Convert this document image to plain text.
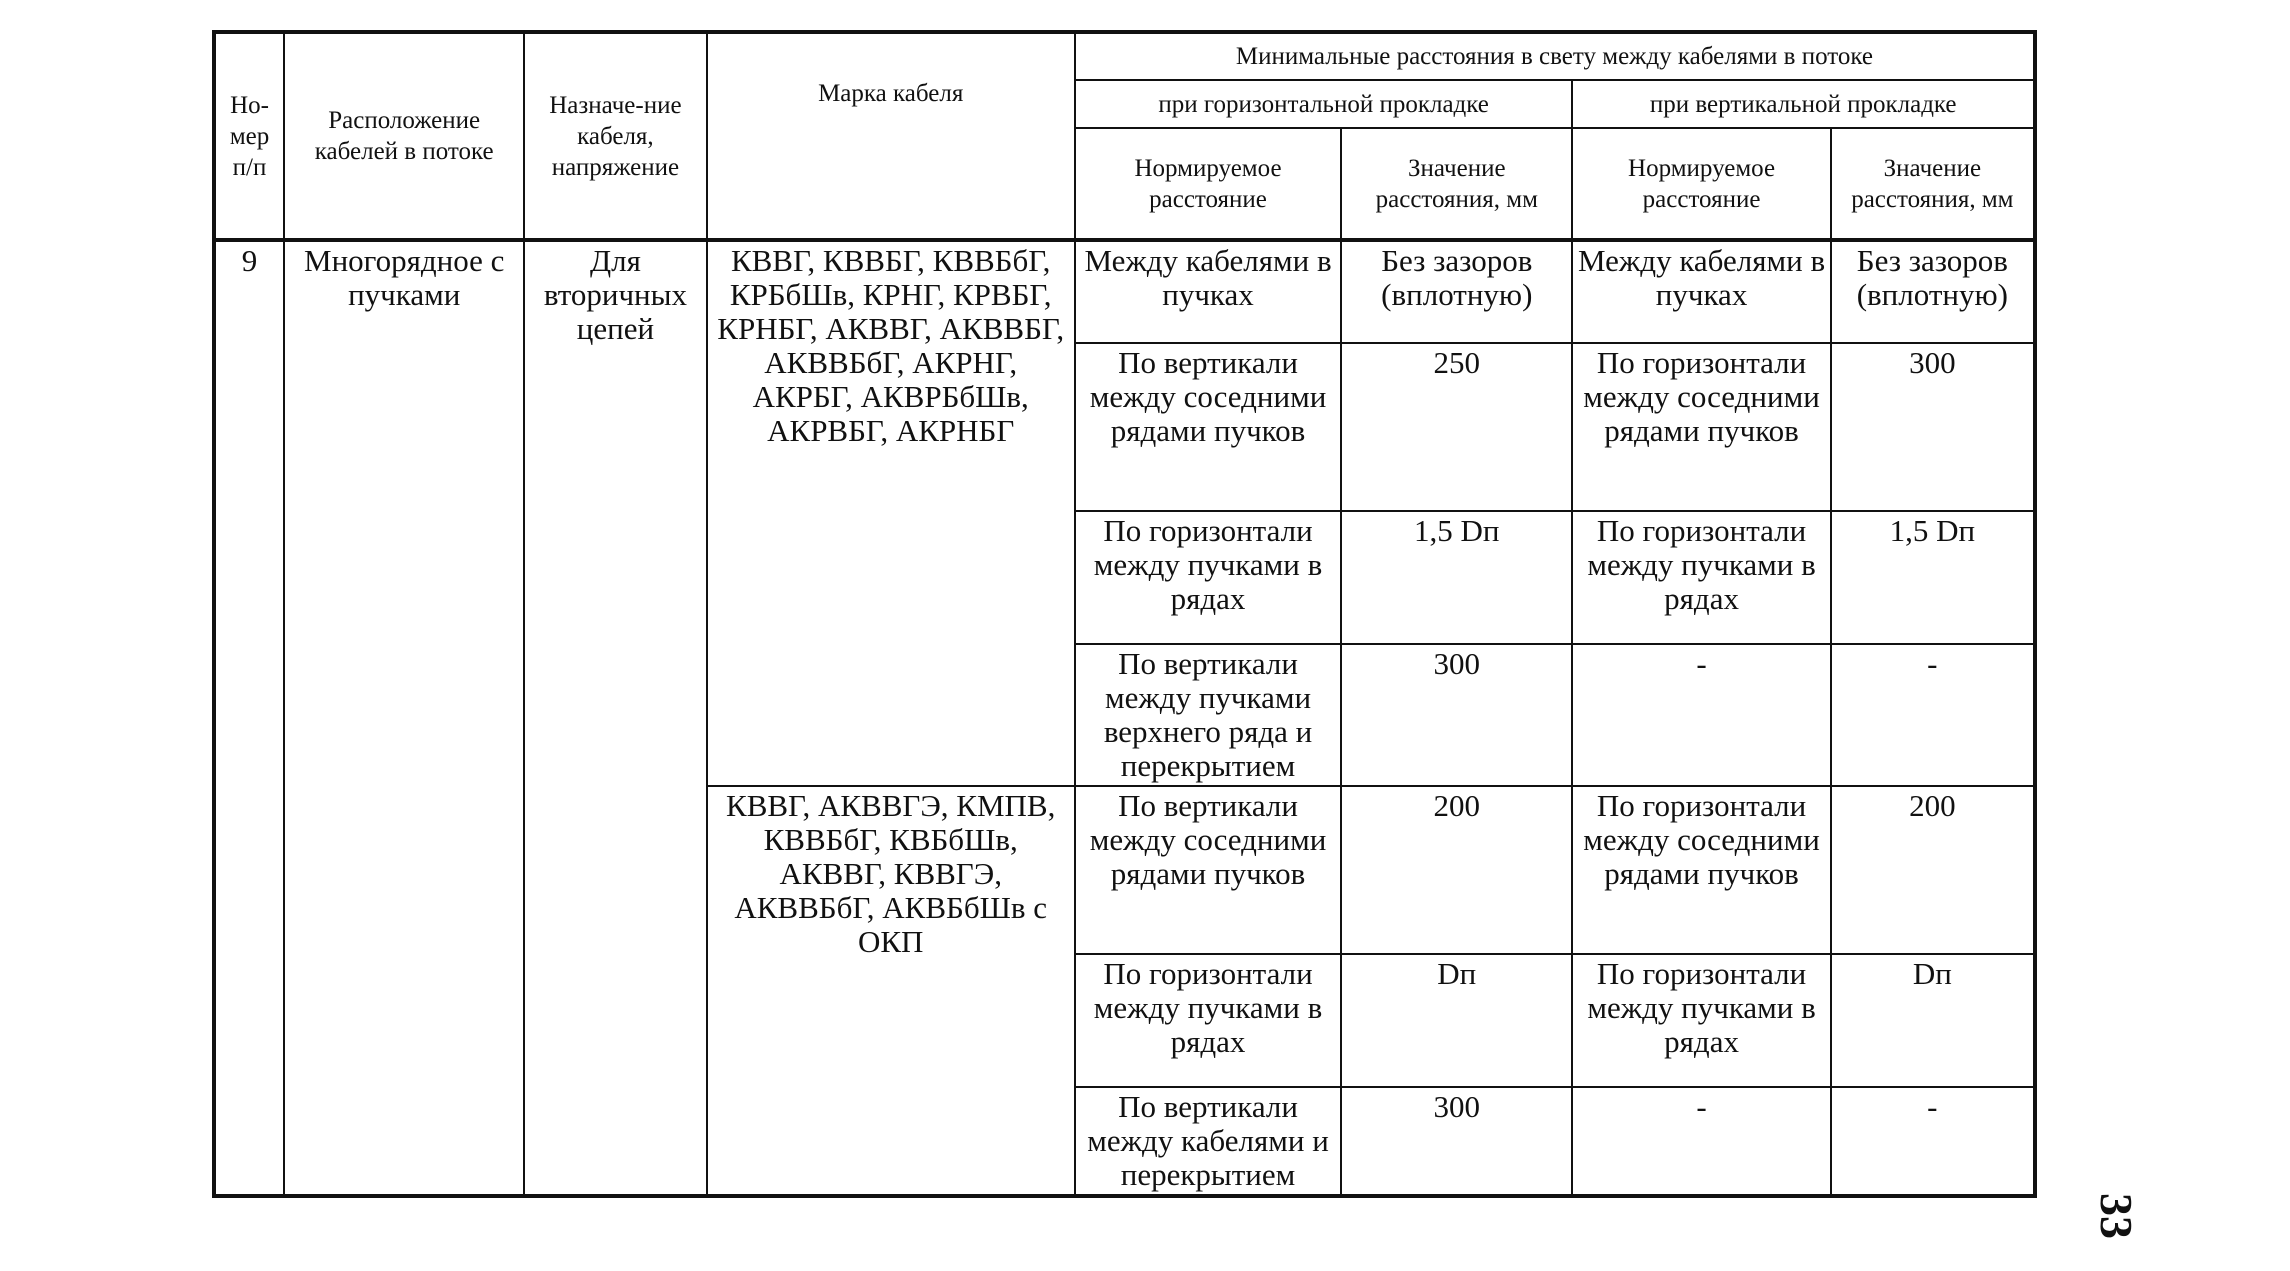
Но-мер п/п	Расположение кабелей в потоке	Назначе-ние кабеля, напряжение	Марка кабеля	Минимальные расстояния в свету между кабелями в потоке			
				при горизонтальной прокладке		при вертикальной прокладке	
				Нормируемое расстояние	Значение расстояния, мм	Нормируемое расстояние	Значение расстояния, мм
9	Многорядное с пучками	Для вторичных цепей	КВВГ, КВВБГ, КВВБбГ, КРБбШв, КРНГ, КРВБГ, КРНБГ, АКВВГ, АКВВБГ, АКВВБбГ, АКРНГ, АКРБГ, АКВРБбШв, АКРВБГ, АКРНБГ	Между кабелями в пучках	Без зазоров (вплотную)	Между кабелями в пучках	Без зазоров (вплотную)
				По вертикали между соседними рядами пучков	250	По горизонтали между соседними рядами пучков	300
				По горизонтали между пучками в рядах	1,5 Dп	По горизонтали между пучками в рядах	1,5 Dп
				По вертикали между пучками верхнего ряда и перекрытием	300	-	-
			КВВГ, АКВВГЭ, КМПВ, КВВБбГ, КВБбШв, АКВВГ, КВВГЭ, АКВВБбГ, АКВБбШв с ОКП	По вертикали между соседними рядами пучков	200	По горизонтали между соседними рядами пучков	200
				По горизонтали между пучками в рядах	Dп	По горизонтали между пучками в рядах	Dп
				По вертикали между кабелями и перекрытием	300	-	-
33
